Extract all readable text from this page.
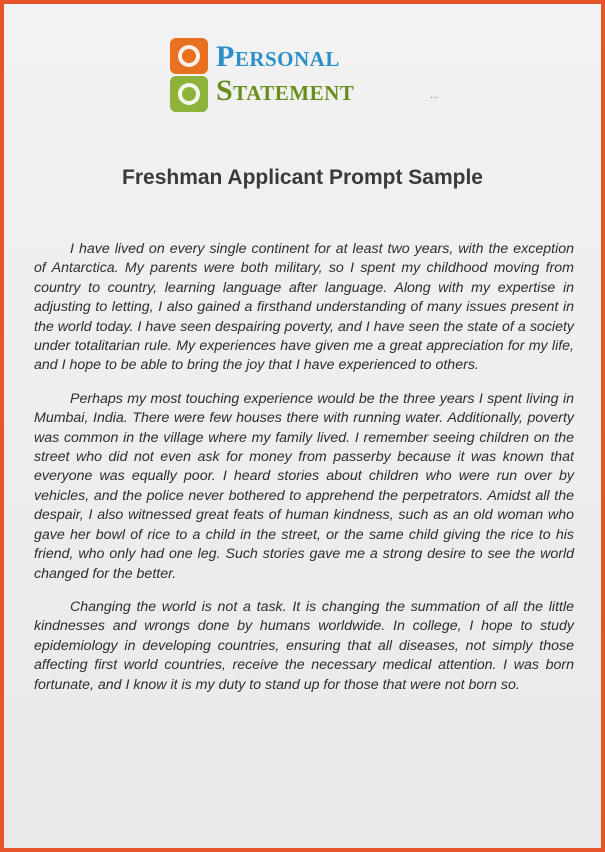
Personal
Statement	...
Freshman Applicant Prompt Sample

I have lived on every single continent for at least two years, with the exception of Antarctica. My parents were both military, so I spent my childhood moving from country to country, learning language after language. Along with my expertise in adjusting to letting, I also gained a firsthand understanding of many issues present in the world today. I have seen despairing poverty, and I have seen the state of a society under totalitarian rule. My experiences have given me a great appreciation for my life, and I hope to be able to bring the joy that I have experienced to others.

Perhaps my most touching experience would be the three years I spent living in Mumbai, India. There were few houses there with running water. Additionally, poverty was common in the village where my family lived. I remember seeing children on the street who did not even ask for money from passerby because it was known that everyone was equally poor. I heard stories about children who were run over by vehicles, and the police never bothered to apprehend the perpetrators. Amidst all the despair, I also witnessed great feats of human kindness, such as an old woman who gave her bowl of rice to a child in the street, or the same child giving the rice to his friend, who only had one leg. Such stories gave me a strong desire to see the world changed for the better.

Changing the world is not a task. It is changing the summation of all the little kindnesses and wrongs done by humans worldwide. In college, I hope to study epidemiology in developing countries, ensuring that all diseases, not simply those affecting first world countries, receive the necessary medical attention. I was born fortunate, and I know it is my duty to stand up for those that were not born so.
